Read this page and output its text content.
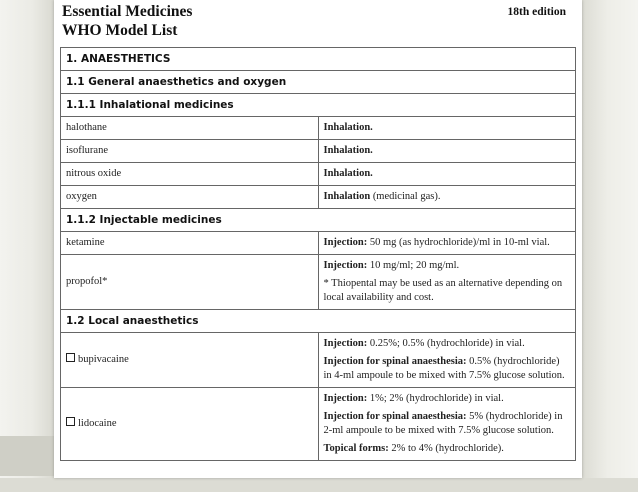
Essential Medicines
WHO Model List
18th edition
1. ANAESTHETICS	
1.1 General anaesthetics and oxygen	
1.1.1 Inhalational medicines	
halothane	Inhalation.
isoflurane	Inhalation.
nitrous oxide	Inhalation.
oxygen	Inhalation (medicinal gas).
1.1.2 Injectable medicines	
ketamine	Injection: 50 mg (as hydrochloride)/ml in 10-ml vial.
propofol*	Injection: 10 mg/ml; 20 mg/ml.
* Thiopental may be used as an alternative depending on local availability and cost.

1.2 Local anaesthetics	
bupivacaine	Injection: 0.25%; 0.5% (hydrochloride) in vial.
Injection for spinal anaesthesia: 0.5% (hydrochloride) in 4-ml ampoule to be mixed with 7.5% glucose solution.

lidocaine	Injection: 1%; 2% (hydrochloride) in vial.
Injection for spinal anaesthesia: 5% (hydrochloride) in 2-ml ampoule to be mixed with 7.5% glucose solution.
Topical forms: 2% to 4% (hydrochloride).
